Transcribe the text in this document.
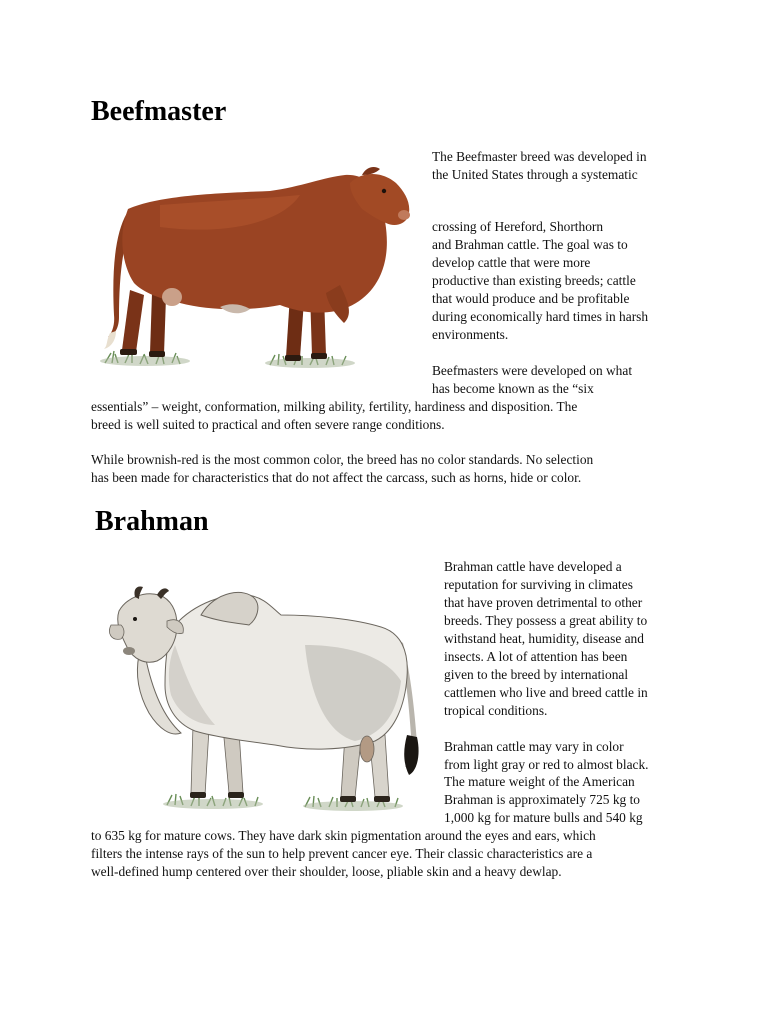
Beefmaster

The Beefmaster breed was developed in

the United States through a systematic

crossing of Hereford, Shorthorn

and Brahman cattle. The goal was to

develop cattle that were more

productive than existing breeds; cattle

that would produce and be profitable

during economically hard times in harsh

environments.

Beefmasters were developed on what

has become known as the “six

essentials” – weight, conformation, milking ability, fertility, hardiness and disposition. The

breed is well suited to practical and often severe range conditions.

While brownish-red is the most common color, the breed has no color standards. No selection

has been made for characteristics that do not affect the carcass, such as horns, hide or color.

Brahman

Brahman cattle have developed a

reputation for surviving in climates

that have proven detrimental to other

breeds. They possess a great ability to

withstand heat, humidity, disease and

insects. A lot of attention has been

given to the breed by international

cattlemen who live and breed cattle in

tropical conditions.

Brahman cattle may vary in color

from light gray or red to almost black.

The mature weight of the American

Brahman is approximately 725 kg to

1,000 kg for mature bulls and 540 kg

to 635 kg for mature cows. They have dark skin pigmentation around the eyes and ears, which

filters the intense rays of the sun to help prevent cancer eye. Their classic characteristics are a

well-defined hump centered over their shoulder, loose, pliable skin and a heavy dewlap.
